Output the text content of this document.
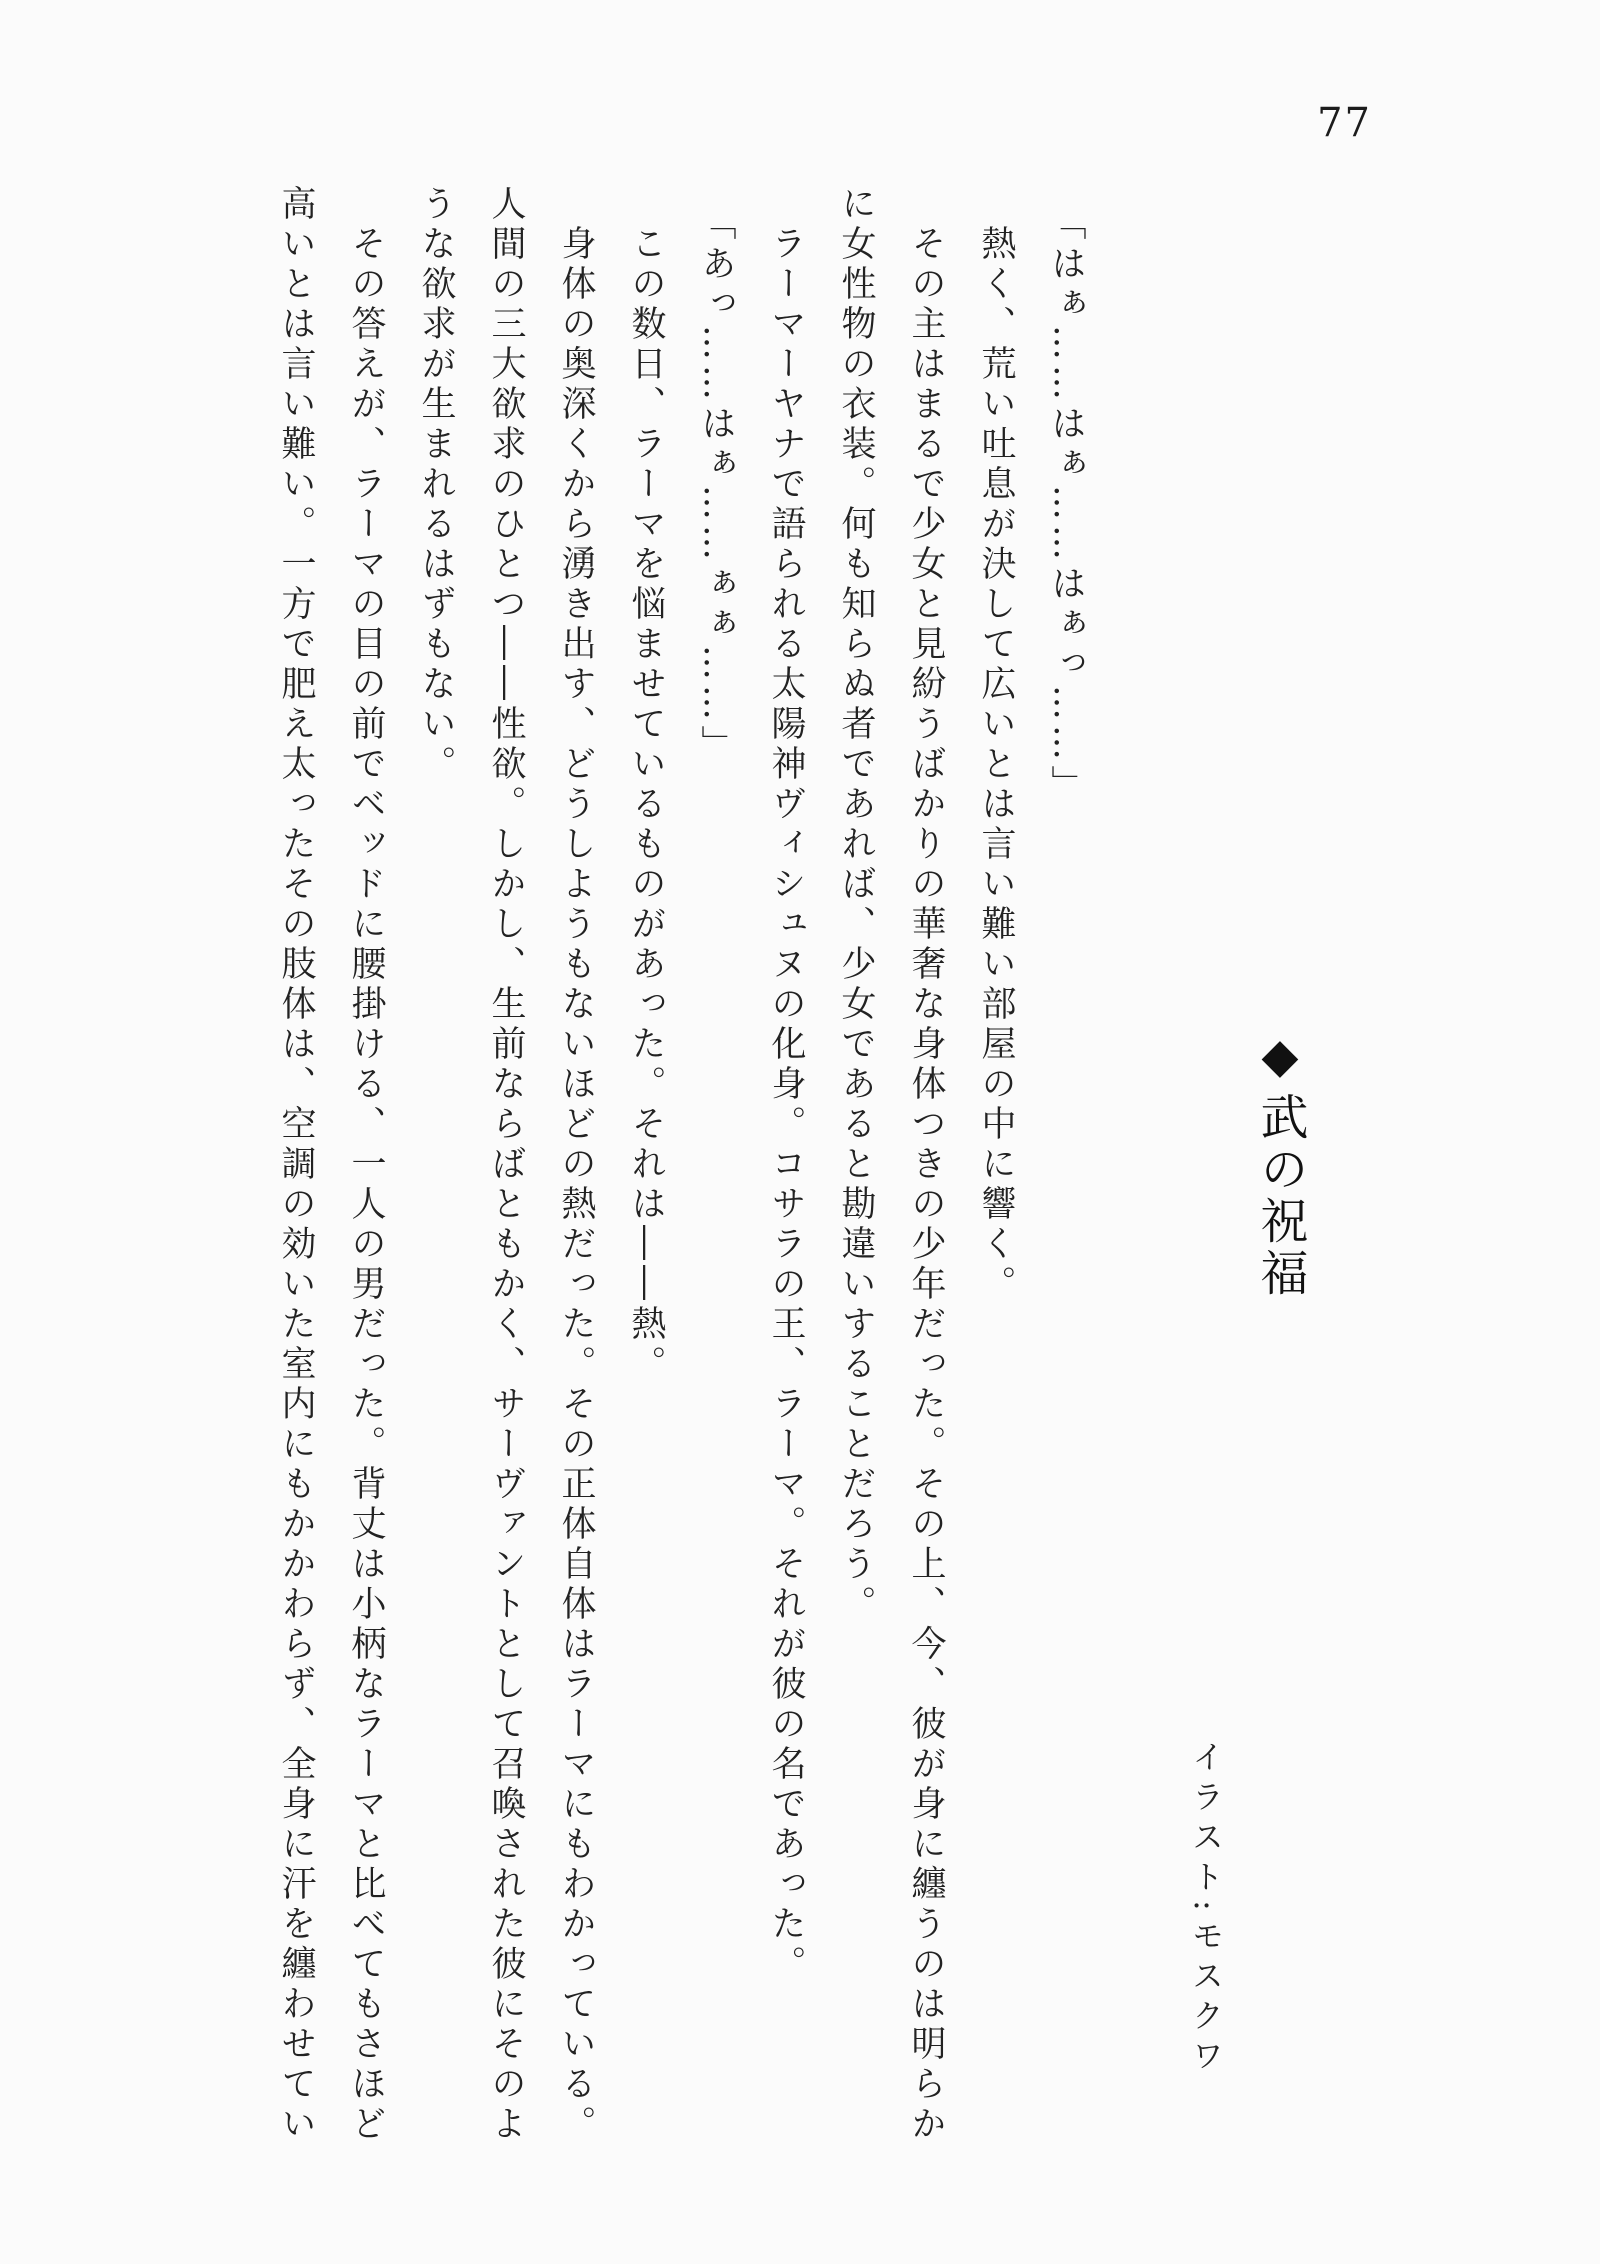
77
◆武の祝福
イラスト:モスクワ

「はぁ……はぁ……はぁっ……」

熱く、荒い吐息が決して広いとは言い難い部屋の中に響く。

その主はまるで少女と見紛うばかりの華奢な身体つきの少年だった。その上、今、彼が身に纏うのは明らか

に女性物の衣装。何も知らぬ者であれば、少女であると勘違いすることだろう。

ラーマーヤナで語られる太陽神ヴィシュヌの化身。コサラの王、ラーマ。それが彼の名であった。

「あっ……はぁ……ぁぁ……」

この数日、ラーマを悩ませているものがあった。それは――熱。

身体の奥深くから湧き出す、どうしようもないほどの熱だった。その正体自体はラーマにもわかっている。

人間の三大欲求のひとつ――性欲。しかし、生前ならばともかく、サーヴァントとして召喚された彼にそのよ

うな欲求が生まれるはずもない。

その答えが、ラーマの目の前でベッドに腰掛ける、一人の男だった。背丈は小柄なラーマと比べてもさほど

高いとは言い難い。一方で肥え太ったその肢体は、空調の効いた室内にもかかわらず、全身に汗を纏わせてい
